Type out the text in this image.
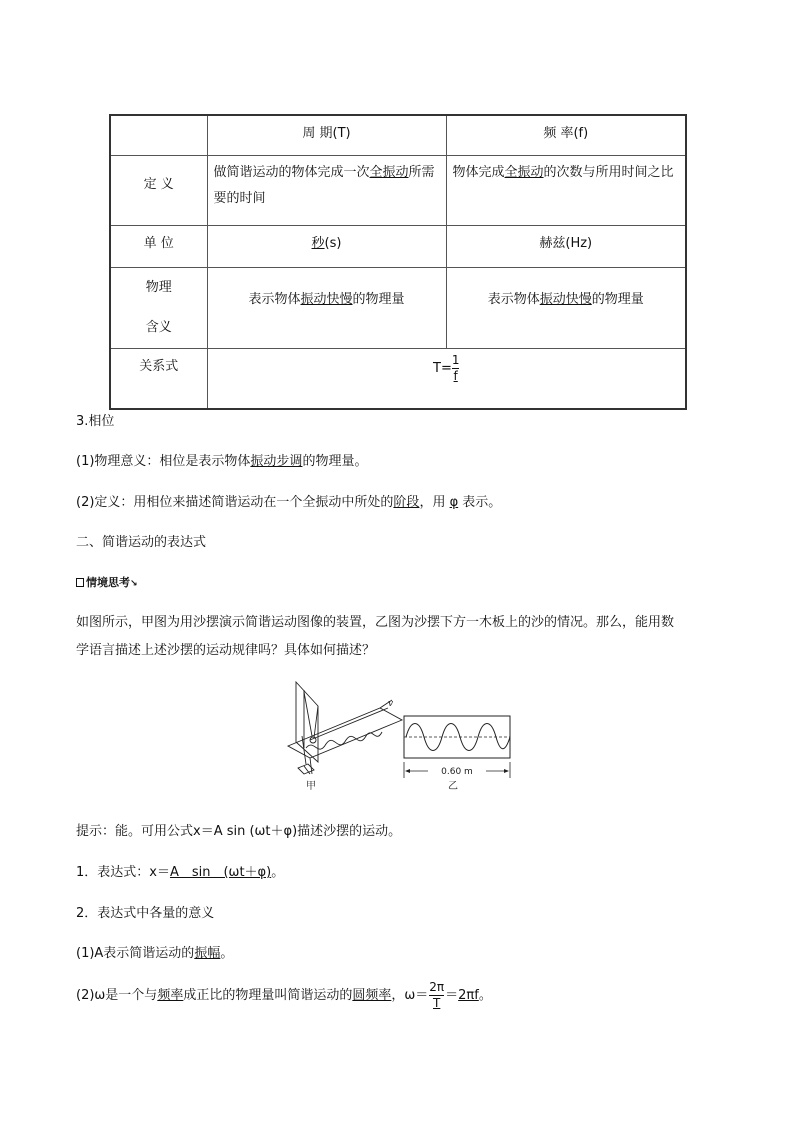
	周 期(T)	频 率(f)
定 义	做简谐运动的物体完成一次全振动所需要的时间	物体完成全振动的次数与所用时间之比
单 位	秒(s)	赫兹(Hz)
物理
含义	表示物体振动快慢的物理量	表示物体振动快慢的物理量
关系式	$T= \frac{1}{f}$
3.相位
(1)物理意义：相位是表示物体振动步调的物理量。
(2)定义：用相位来描述简谐运动在一个全振动中所处的阶段，用 φ 表示。
二、简谐运动的表达式
情境思考↘
如图所示，甲图为用沙摆演示简谐运动图像的装置，乙图为沙摆下方一木板上的沙的情况。那么，能用数
学语言描述上述沙摆的运动规律吗？具体如何描述？
v
甲
0.60 m
乙
提示：能。可用公式x＝A sin (ωt＋φ)描述沙摆的运动。
1．表达式：x＝A　sin　(ωt＋φ)。
2．表达式中各量的意义
(1)A表示简谐运动的振幅。
(2)ω是一个与频率成正比的物理量叫简谐运动的圆频率，$\omega= \frac{2\pi}{T} =2\pi f$。
